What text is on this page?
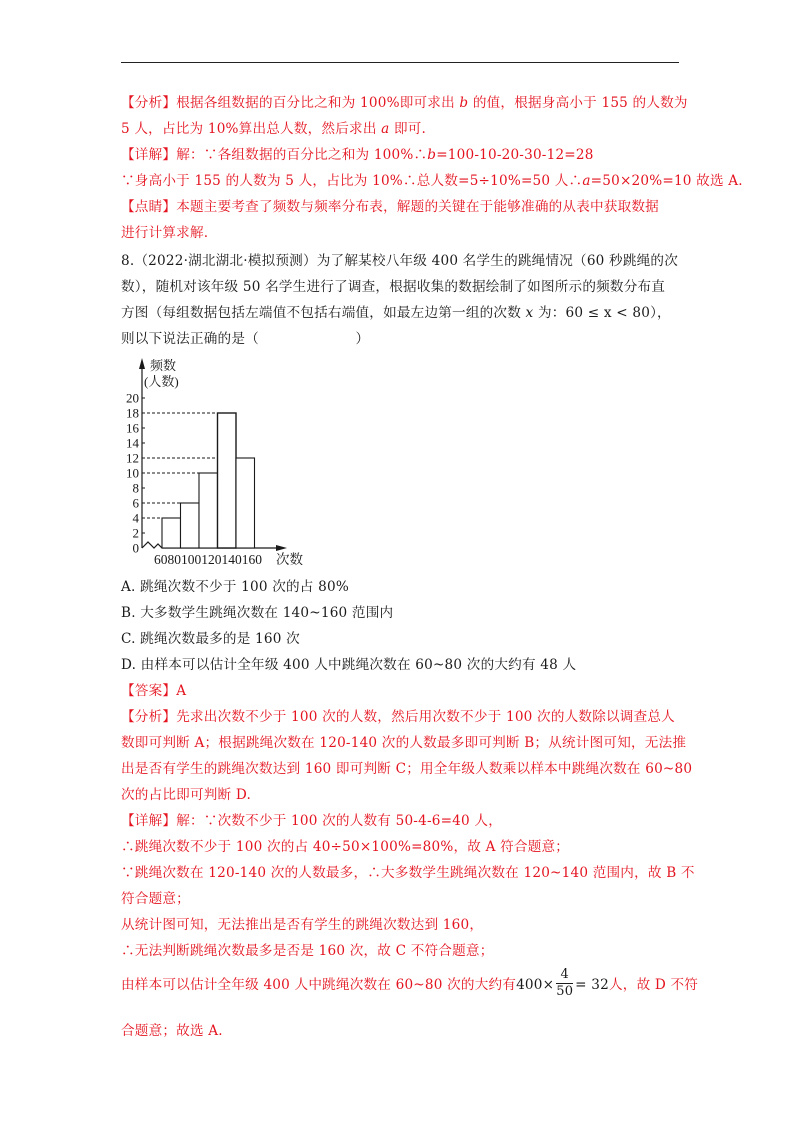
【分析】根据各组数据的百分比之和为 100%即可求出 b 的值，根据身高小于 155 的人数为
5 人，占比为 10%算出总人数，然后求出 a 即可.
【详解】解：∵各组数据的百分比之和为 100%∴b=100-10-20-30-12=28
∵身高小于 155 的人数为 5 人，占比为 10%∴总人数=5÷10%=50 人∴a=50×20%=10 故选 A.
【点睛】本题主要考查了频数与频率分布表，解题的关键在于能够准确的从表中获取数据
进行计算求解.
8.（2022·湖北湖北·模拟预测）为了解某校八年级 400 名学生的跳绳情况（60 秒跳绳的次
数），随机对该年级 50 名学生进行了调查，根据收集的数据绘制了如图所示的频数分布直
方图（每组数据包括左端值不包括右端值，如最左边第一组的次数 x 为：60 ≤ x < 80），
则以下说法正确的是（　　　　　　　）
频数
(人数)
0
2
4
6
8
10
12
14
16
18
20
6080100120140160 次数
A. 跳绳次数不少于 100 次的占 80%
B. 大多数学生跳绳次数在 140~160 范围内
C. 跳绳次数最多的是 160 次
D. 由样本可以估计全年级 400 人中跳绳次数在 60~80 次的大约有 48 人
【答案】A
【分析】先求出次数不少于 100 次的人数，然后用次数不少于 100 次的人数除以调查总人
数即可判断 A；根据跳绳次数在 120-140 次的人数最多即可判断 B；从统计图可知，无法推
出是否有学生的跳绳次数达到 160 即可判断 C；用全年级人数乘以样本中跳绳次数在 60~80
次的占比即可判断 D.
【详解】解：∵次数不少于 100 次的人数有 50-4-6=40 人，
∴跳绳次数不少于 100 次的占 40÷50×100%=80%，故 A 符合题意；
∵跳绳次数在 120-140 次的人数最多，∴大多数学生跳绳次数在 120~140 范围内，故 B 不
符合题意；
从统计图可知，无法推出是否有学生的跳绳次数达到 160，
∴无法判断跳绳次数最多是否是 160 次，故 C 不符合题意；
由样本可以估计全年级 400 人中跳绳次数在 60~80 次的大约有$400\times \frac{4}{50} = 32$人，故 D 不符
合题意；故选 A.
